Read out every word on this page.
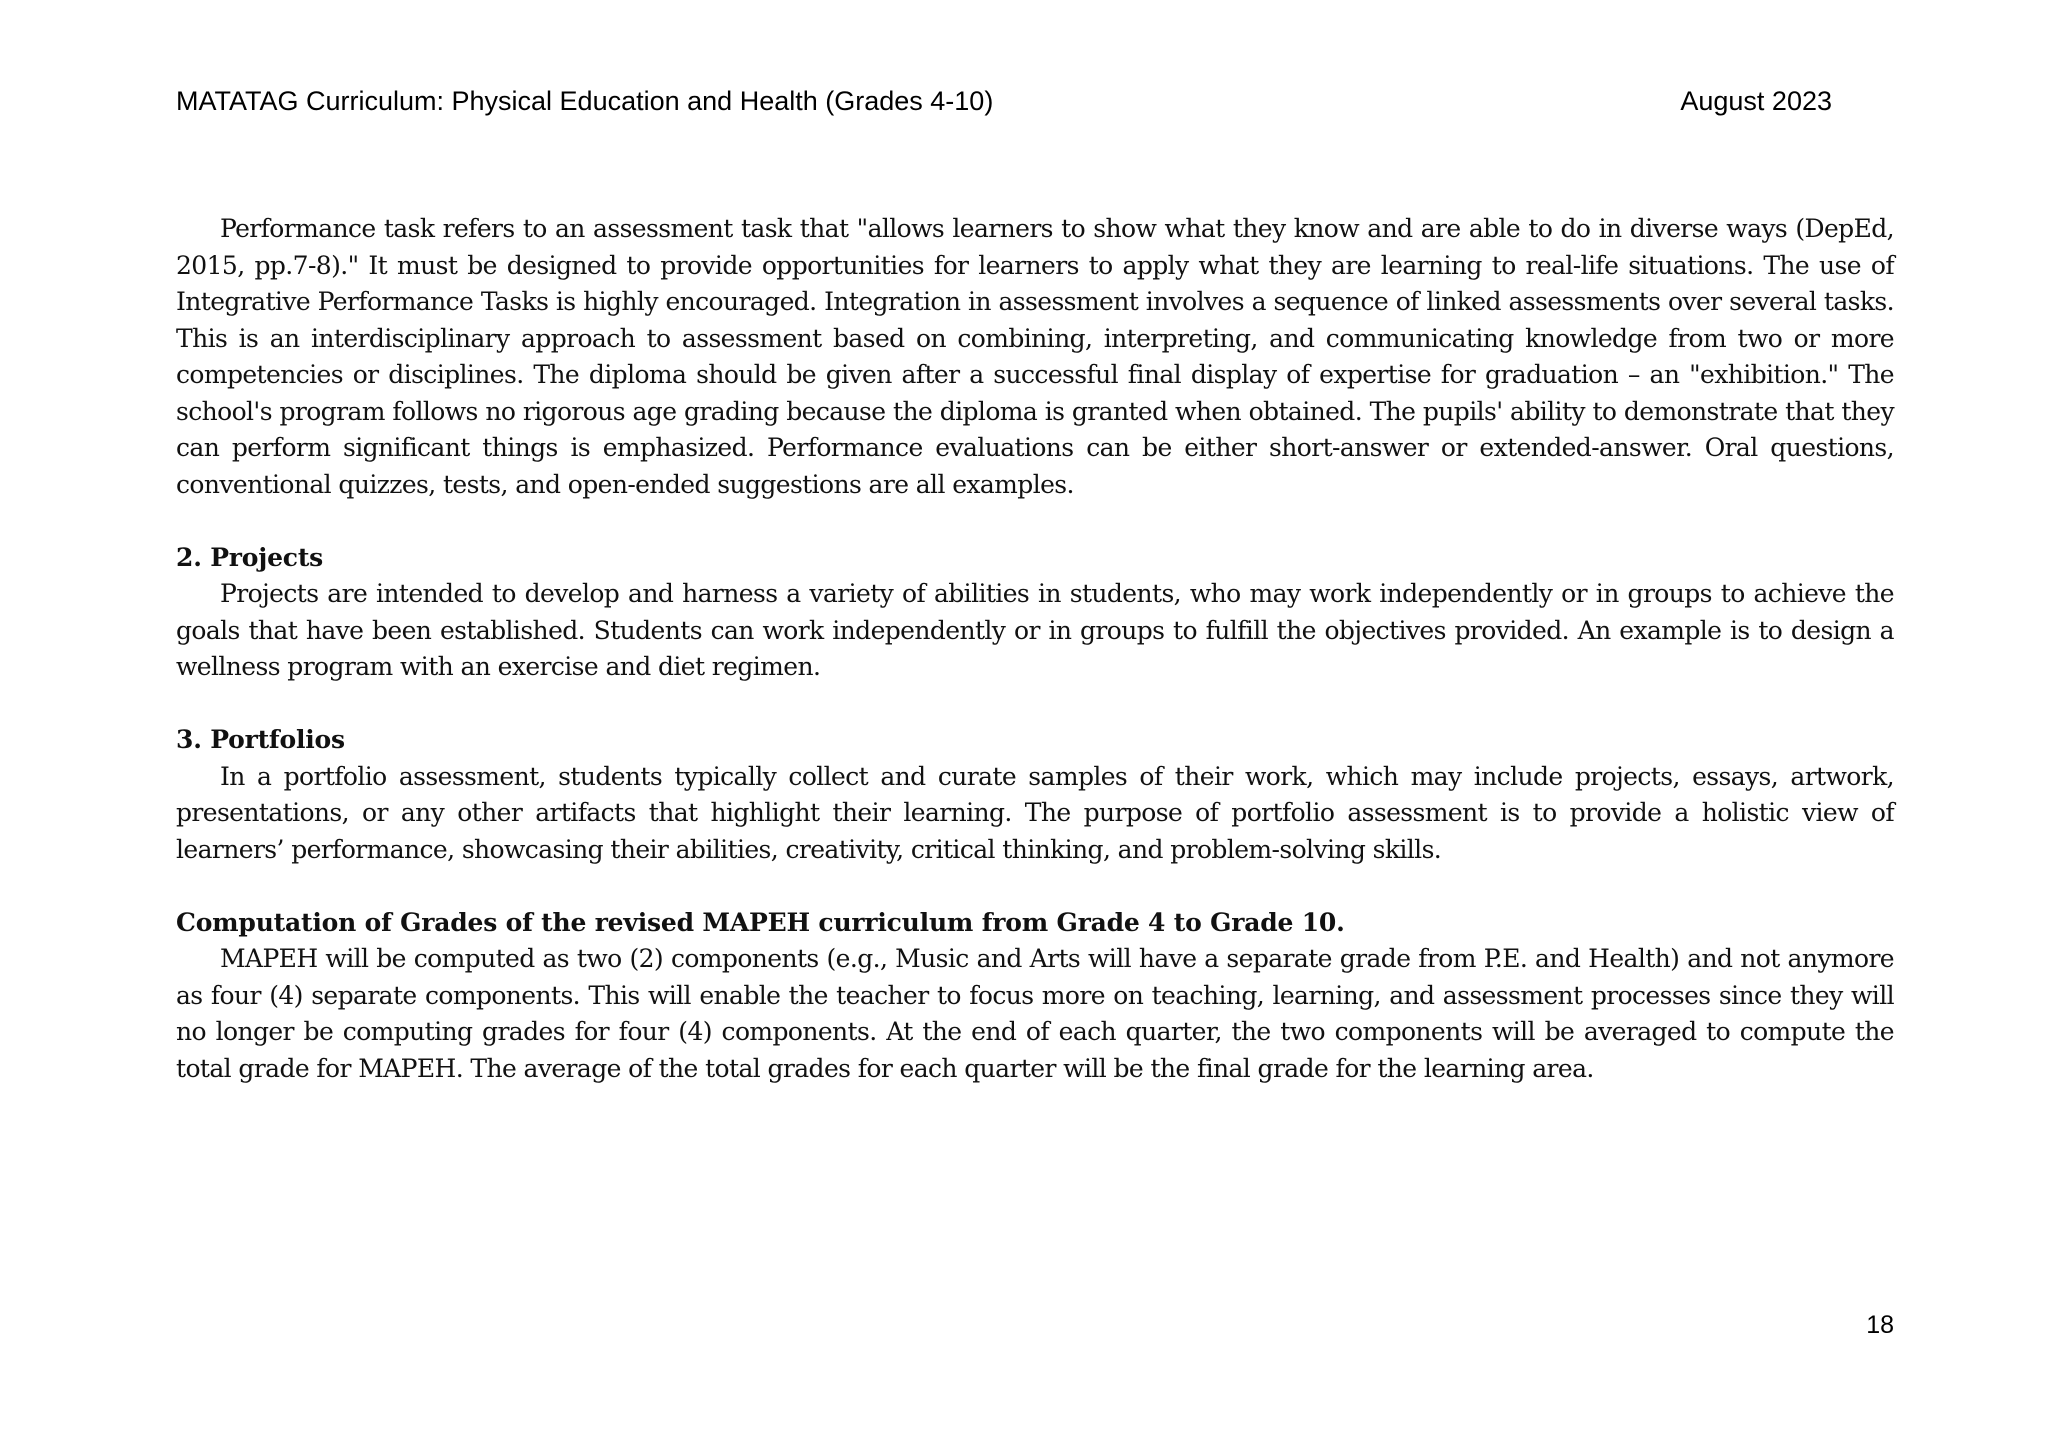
MATATAG Curriculum: Physical Education and Health (Grades 4-10)	August 2023

Performance task refers to an assessment task that "allows learners to show what they know and are able to do in diverse ways (DepEd, 2015, pp.7-8)." It must be designed to provide opportunities for learners to apply what they are learning to real-life situations. The use of Integrative Performance Tasks is highly encouraged. Integration in assessment involves a sequence of linked assessments over several tasks. This is an interdisciplinary approach to assessment based on combining, interpreting, and communicating knowledge from two or more competencies or disciplines. The diploma should be given after a successful final display of expertise for graduation – an "exhibition." The school's program follows no rigorous age grading because the diploma is granted when obtained. The pupils' ability to demonstrate that they can perform significant things is emphasized. Performance evaluations can be either short-answer or extended-answer. Oral questions, conventional quizzes, tests, and open-ended suggestions are all examples.

2. Projects

Projects are intended to develop and harness a variety of abilities in students, who may work independently or in groups to achieve the goals that have been established. Students can work independently or in groups to fulfill the objectives provided. An example is to design a wellness program with an exercise and diet regimen.

3. Portfolios

In a portfolio assessment, students typically collect and curate samples of their work, which may include projects, essays, artwork, presentations, or any other artifacts that highlight their learning. The purpose of portfolio assessment is to provide a holistic view of learners’ performance, showcasing their abilities, creativity, critical thinking, and problem-solving skills.

Computation of Grades of the revised MAPEH curriculum from Grade 4 to Grade 10.

MAPEH will be computed as two (2) components (e.g., Music and Arts will have a separate grade from P.E. and Health) and not anymore as four (4) separate components. This will enable the teacher to focus more on teaching, learning, and assessment processes since they will no longer be computing grades for four (4) components. At the end of each quarter, the two components will be averaged to compute the total grade for MAPEH. The average of the total grades for each quarter will be the final grade for the learning area.

18
